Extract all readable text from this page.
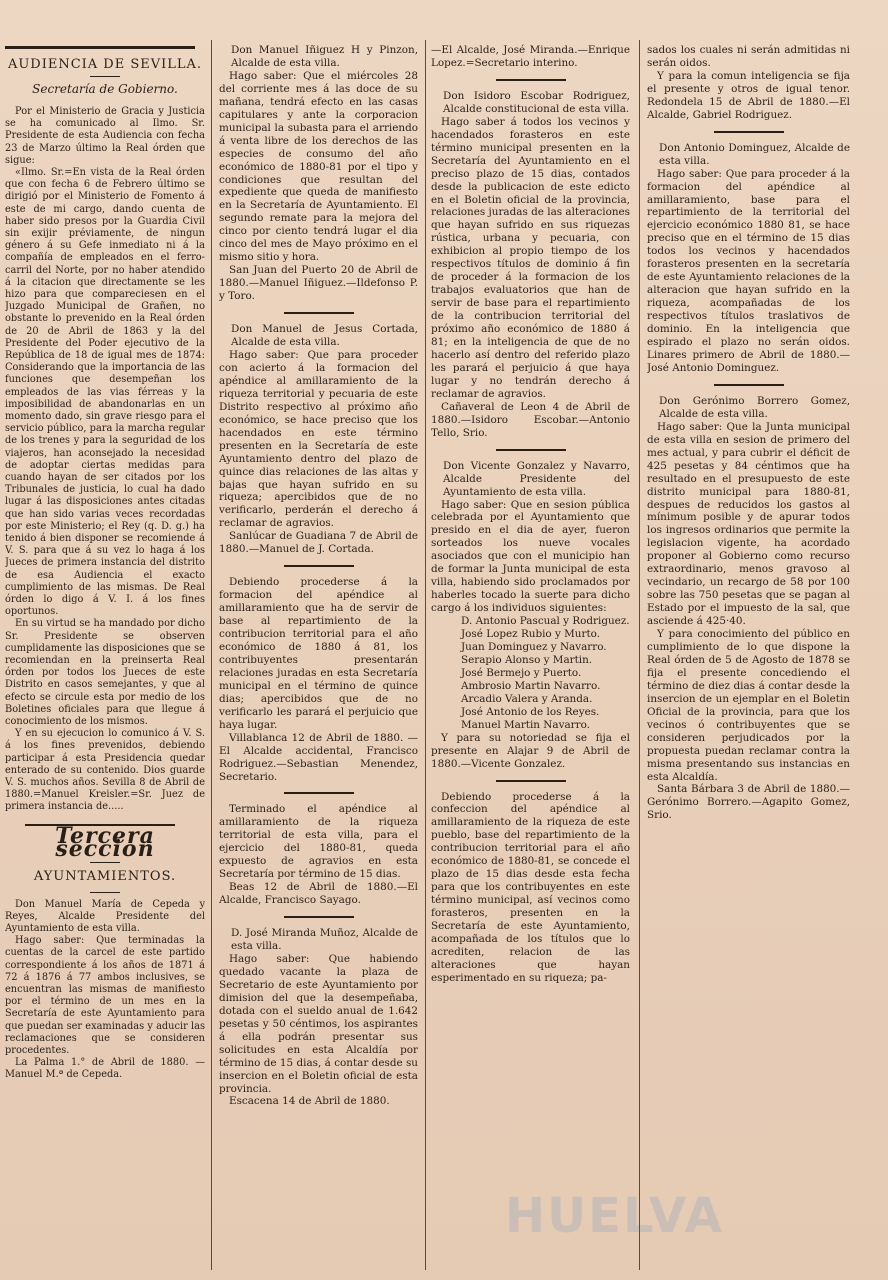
AUDIENCIA DE SEVILLA.
Secretaría de Gobierno.

Por el Ministerio de Gracia y Justicia se ha comunicado al Ilmo. Sr. Presidente de esta Audiencia con fecha 23 de Marzo último la Real órden que sigue:

«Ilmo. Sr.=En vista de la Real órden que con fecha 6 de Febrero último se dirigió por el Ministerio de Fomento á este de mi cargo, dando cuenta de haber sido presos por la Guardia Civil sin exijir préviamente, de ningun género á su Gefe inmediato ni á la compañía de empleados en el ferro-carril del Norte, por no haber atendido á la citacion que directamente se les hizo para que compareciesen en el Juzgado Municipal de Grañen, no obstante lo prevenido en la Real órden de 20 de Abril de 1863 y la del Presidente del Poder ejecutivo de la República de 18 de igual mes de 1874: Considerando que la importancia de las funciones que desempeñan los empleados de las vias férreas y la imposibilidad de abandonarlas en un momento dado, sin grave riesgo para el servicio público, para la marcha regular de los trenes y para la seguridad de los viajeros, han aconsejado la necesidad de adoptar ciertas medidas para cuando hayan de ser citados por los Tribunales de justicia, lo cual ha dado lugar á las disposiciones antes citadas que han sido varias veces recordadas por este Ministerio; el Rey (q. D. g.) ha tenido á bien disponer se recomiende á V. S. para que á su vez lo haga á los Jueces de primera instancia del distrito de esa Audiencia el exacto cumplimiento de las mismas. De Real órden lo digo á V. I. á los fines oportunos.

En su virtud se ha mandado por dicho Sr. Presidente se observen cumplidamente las disposiciones que se recomiendan en la preinserta Real órden por todos los Jueces de este Distrito en casos semejantes, y que al efecto se circule esta por medio de los Boletines oficiales para que llegue á conocimiento de los mismos.

Y en su ejecucion lo comunico á V. S. á los fines prevenidos, debiendo participar á esta Presidencia quedar enterado de su contenido. Dios guarde V. S. muchos años. Sevilla 8 de Abril de 1880.=Manuel Kreisler.=Sr. Juez de primera instancia de.....

Tercera seccion
AYUNTAMIENTOS.

Don Manuel María de Cepeda y Reyes, Alcalde Presidente del Ayuntamiento de esta villa.

Hago saber: Que terminadas la cuentas de la carcel de este partido correspondiente á los años de 1871 á 72 á 1876 á 77 ambos inclusives, se encuentran las mismas de manifiesto por el término de un mes en la Secretaría de este Ayuntamiento para que puedan ser examinadas y aducir las reclamaciones que se consideren procedentes.

La Palma 1.° de Abril de 1880. —Manuel M.ª de Cepeda.

Don Manuel Iñiguez H y Pinzon, Alcalde de esta villa.

Hago saber: Que el miércoles 28 del corriente mes á las doce de su mañana, tendrá efecto en las casas capitulares y ante la corporacion municipal la subasta para el arriendo á venta libre de los derechos de las especies de consumo del año económico de 1880-81 por el tipo y condiciones que resultan del expediente que queda de manifiesto en la Secretaría de Ayuntamiento. El segundo remate para la mejora del cinco por ciento tendrá lugar el dia cinco del mes de Mayo próximo en el mismo sitio y hora.

San Juan del Puerto 20 de Abril de 1880.—Manuel Iñiguez.—Ildefonso P. y Toro.

Don Manuel de Jesus Cortada, Alcalde de esta villa.

Hago saber: Que para proceder con acierto á la formacion del apéndice al amillaramiento de la riqueza territorial y pecuaria de este Distrito respectivo al próximo año económico, se hace preciso que los hacendados en este término presenten en la Secretaría de este Ayuntamiento dentro del plazo de quince dias relaciones de las altas y bajas que hayan sufrido en su riqueza; apercibidos que de no verificarlo, perderán el derecho á reclamar de agravios.

Sanlúcar de Guadiana 7 de Abril de 1880.—Manuel de J. Cortada.

Debiendo procederse á la formacion del apéndice al amillaramiento que ha de servir de base al repartimiento de la contribucion territorial para el año económico de 1880 á 81, los contribuyentes presentarán relaciones juradas en esta Secretaría municipal en el término de quince dias; apercibidos que de no verificarlo les parará el perjuicio que haya lugar.

Villablanca 12 de Abril de 1880. —El Alcalde accidental, Francisco Rodriguez.—Sebastian Menendez, Secretario.

Terminado el apéndice al amillaramiento de la riqueza territorial de esta villa, para el ejercicio del 1880-81, queda expuesto de agravios en esta Secretaría por término de 15 dias.

Beas 12 de Abril de 1880.—El Alcalde, Francisco Sayago.

D. José Miranda Muñoz, Alcalde de esta villa.

Hago saber: Que habiendo quedado vacante la plaza de Secretario de este Ayuntamiento por dimision del que la desempeñaba, dotada con el sueldo anual de 1.642 pesetas y 50 céntimos, los aspirantes á ella podrán presentar sus solicitudes en esta Alcaldía por término de 15 dias, á contar desde su insercion en el Boletin oficial de esta provincia.

Escacena 14 de Abril de 1880.

—El Alcalde, José Miranda.—Enrique Lopez.=Secretario interino.

Don Isidoro Escobar Rodriguez, Alcalde constitucional de esta villa.

Hago saber á todos los vecinos y hacendados forasteros en este término municipal presenten en la Secretaría del Ayuntamiento en el preciso plazo de 15 dias, contados desde la publicacion de este edicto en el Boletin oficial de la provincia, relaciones juradas de las alteraciones que hayan sufrido en sus riquezas rústica, urbana y pecuaria, con exhibicion al propio tiempo de los respectivos títulos de dominio á fin de proceder á la formacion de los trabajos evaluatorios que han de servir de base para el repartimiento de la contribucion territorial del próximo año económico de 1880 á 81; en la inteligencia de que de no hacerlo así dentro del referido plazo les parará el perjuicio á que haya lugar y no tendrán derecho á reclamar de agravios.

Cañaveral de Leon 4 de Abril de 1880.—Isidoro Escobar.—Antonio Tello, Srio.

Don Vicente Gonzalez y Navarro, Alcalde Presidente del Ayuntamiento de esta villa.

Hago saber: Que en sesion pública celebrada por el Ayuntamiento que presido en el dia de ayer, fueron sorteados los nueve vocales asociados que con el municipio han de formar la Junta municipal de esta villa, habiendo sido proclamados por haberles tocado la suerte para dicho cargo á los individuos siguientes:

D. Antonio Pascual y Rodriguez.

José Lopez Rubio y Murto.

Juan Dominguez y Navarro.

Serapio Alonso y Martin.

José Bermejo y Puerto.

Ambrosio Martin Navarro.

Arcadio Valera y Aranda.

José Antonio de los Reyes.

Manuel Martin Navarro.

Y para su notoriedad se fija el presente en Alajar 9 de Abril de 1880.—Vicente Gonzalez.

Debiendo procederse á la confeccion del apéndice al amillaramiento de la riqueza de este pueblo, base del repartimiento de la contribucion territorial para el año económico de 1880-81, se concede el plazo de 15 dias desde esta fecha para que los contribuyentes en este término municipal, así vecinos como forasteros, presenten en la Secretaría de este Ayuntamiento, acompañada de los títulos que lo acrediten, relacion de las alteraciones que hayan esperimentado en su riqueza; pa-

sados los cuales ni serán admitidas ni serán oidos.

Y para la comun inteligencia se fija el presente y otros de igual tenor. Redondela 15 de Abril de 1880.—El Alcalde, Gabriel Rodriguez.

Don Antonio Dominguez, Alcalde de esta villa.

Hago saber: Que para proceder á la formacion del apéndice al amillaramiento, base para el repartimiento de la territorial del ejercicio económico 1880 81, se hace preciso que en el término de 15 dias todos los vecinos y hacendados forasteros presenten en la secretaría de este Ayuntamiento relaciones de la alteracion que hayan sufrido en la riqueza, acompañadas de los respectivos títulos traslativos de dominio. En la inteligencia que espirado el plazo no serán oidos. Linares primero de Abril de 1880.—José Antonio Dominguez.

Don Gerónimo Borrero Gomez, Alcalde de esta villa.

Hago saber: Que la Junta municipal de esta villa en sesion de primero del mes actual, y para cubrir el déficit de 425 pesetas y 84 céntimos que ha resultado en el presupuesto de este distrito municipal para 1880-81, despues de reducidos los gastos al mínimum posible y de apurar todos los ingresos ordinarios que permite la legislacion vigente, ha acordado proponer al Gobierno como recurso extraordinario, menos gravoso al vecindario, un recargo de 58 por 100 sobre las 750 pesetas que se pagan al Estado por el impuesto de la sal, que asciende á 425·40.

Y para conocimiento del público en cumplimiento de lo que dispone la Real órden de 5 de Agosto de 1878 se fija el presente concediendo el término de diez dias á contar desde la insercion de un ejemplar en el Boletin Oficial de la provincia, para que los vecinos ó contribuyentes que se consideren perjudicados por la propuesta puedan reclamar contra la misma presentando sus instancias en esta Alcaldía.

Santa Bárbara 3 de Abril de 1880.—Gerónimo Borrero.—Agapito Gomez, Srio.

HUELVA
